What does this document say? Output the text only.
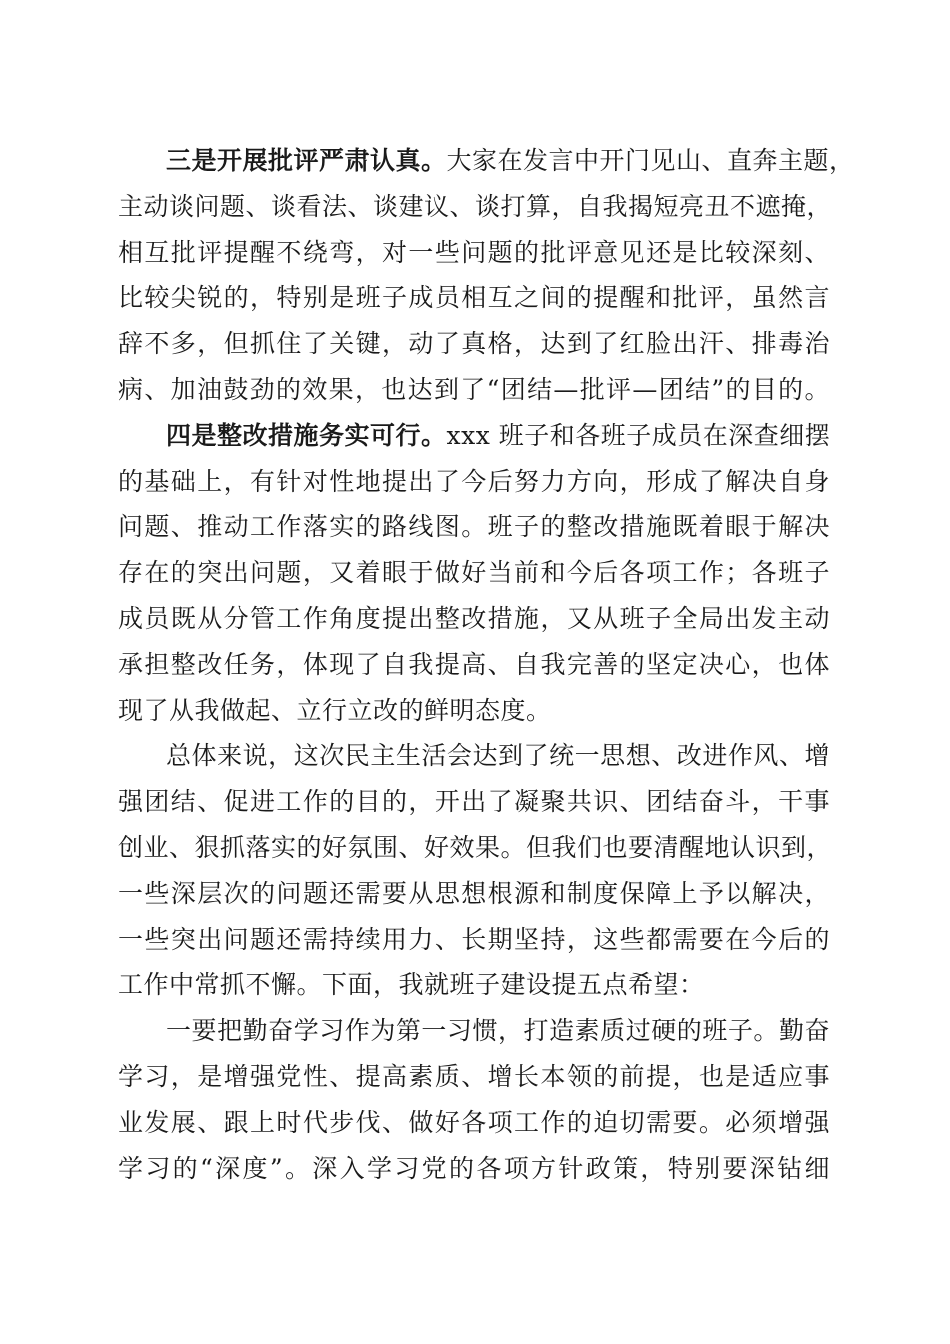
三是开展批评严肃认真。大家在发言中开门见山、直奔主题，
主动谈问题、谈看法、谈建议、谈打算，自我揭短亮丑不遮掩，
相互批评提醒不绕弯，对一些问题的批评意见还是比较深刻、
比较尖锐的，特别是班子成员相互之间的提醒和批评，虽然言
辞不多，但抓住了关键，动了真格，达到了红脸出汗、排毒治
病、加油鼓劲的效果，也达到了“团结—批评—团结”的目的。
四是整改措施务实可行。xxx 班子和各班子成员在深查细摆
的基础上，有针对性地提出了今后努力方向，形成了解决自身
问题、推动工作落实的路线图。班子的整改措施既着眼于解决
存在的突出问题，又着眼于做好当前和今后各项工作；各班子
成员既从分管工作角度提出整改措施，又从班子全局出发主动
承担整改任务，体现了自我提高、自我完善的坚定决心，也体
现了从我做起、立行立改的鲜明态度。
总体来说，这次民主生活会达到了统一思想、改进作风、增
强团结、促进工作的目的，开出了凝聚共识、团结奋斗，干事
创业、狠抓落实的好氛围、好效果。但我们也要清醒地认识到，
一些深层次的问题还需要从思想根源和制度保障上予以解决，
一些突出问题还需持续用力、长期坚持，这些都需要在今后的
工作中常抓不懈。下面，我就班子建设提五点希望：
一要把勤奋学习作为第一习惯，打造素质过硬的班子。勤奋
学习，是增强党性、提高素质、增长本领的前提，也是适应事
业发展、跟上时代步伐、做好各项工作的迫切需要。必须增强
学习的“深度”。深入学习党的各项方针政策，特别要深钻细
